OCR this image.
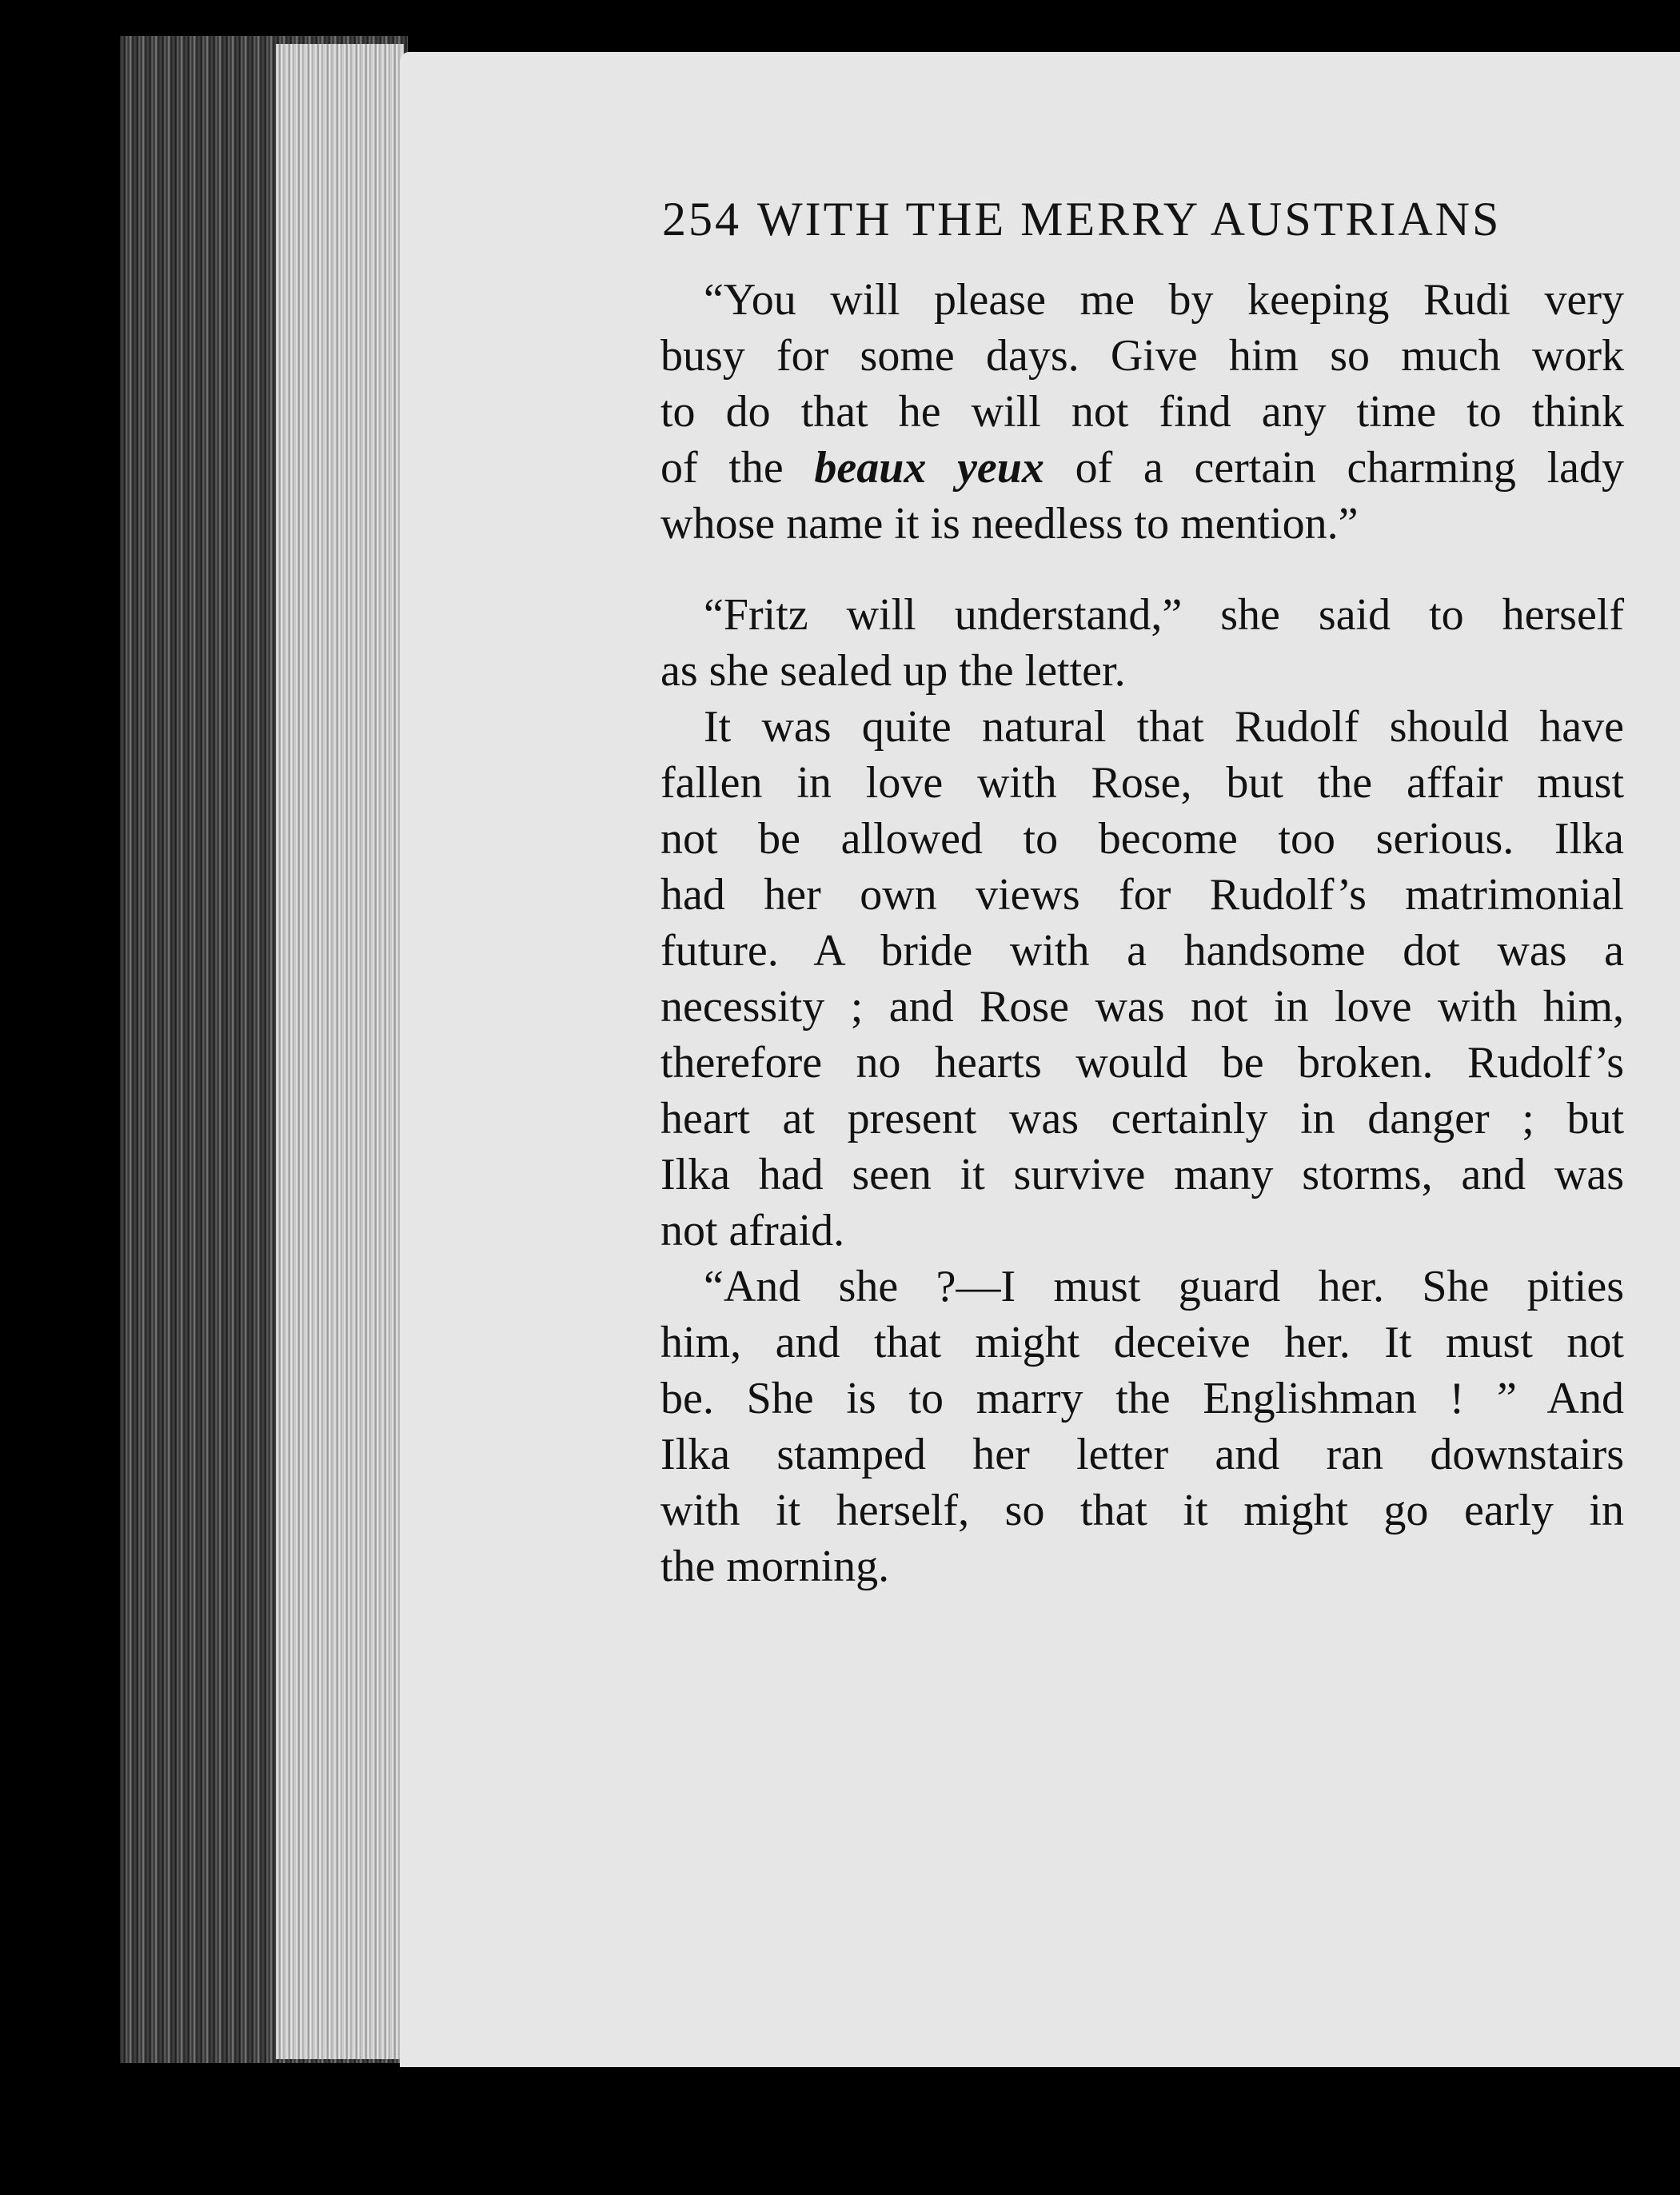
254 WITH THE MERRY AUSTRIANS

“You will please me by keeping Rudi very
busy for some days. Give him so much work
to do that he will not find any time to think
of the beaux yeux of a certain charming lady
whose name it is needless to mention.”

“Fritz will understand,” she said to herself
as she sealed up the letter.

It was quite natural that Rudolf should have
fallen in love with Rose, but the affair must
not be allowed to become too serious. Ilka
had her own views for Rudolf’s matrimonial
future. A bride with a handsome dot was a
necessity ; and Rose was not in love with him,
therefore no hearts would be broken. Rudolf’s
heart at present was certainly in danger ; but
Ilka had seen it survive many storms, and was
not afraid.

“And she ?—I must guard her. She pities
him, and that might deceive her. It must not
be. She is to marry the Englishman ! ” And
Ilka stamped her letter and ran downstairs
with it herself, so that it might go early in
the morning.
